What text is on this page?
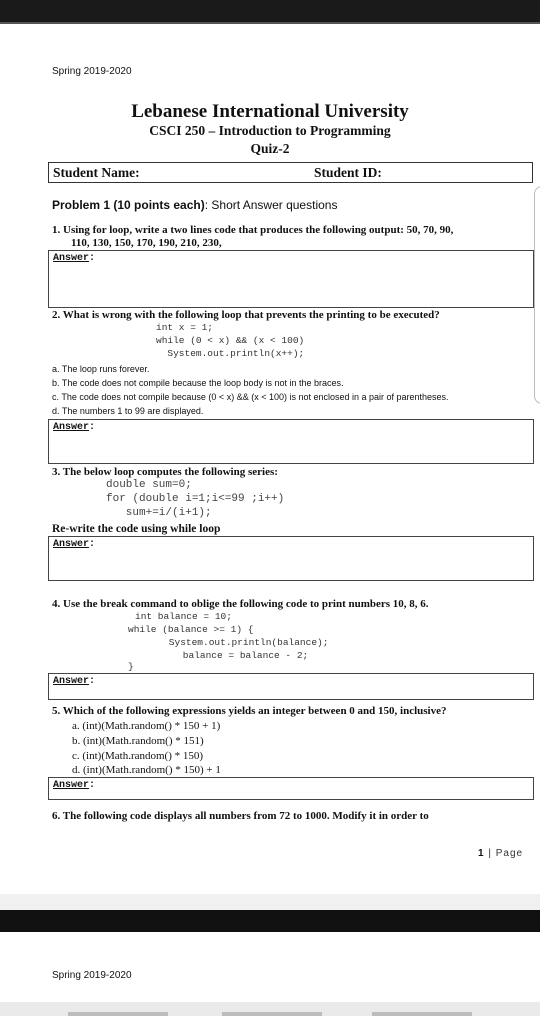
Spring 2019-2020
Lebanese International University
CSCI 250 – Introduction to Programming
Quiz-2
Student Name:	Student ID:
Problem 1 (10 points each): Short Answer questions
1. Using for loop, write a two lines code that produces the following output: 50, 70, 90,
110, 130, 150, 170, 190, 210, 230,
Answer:
2. What is wrong with the following loop that prevents the printing to be executed?
int x = 1;
while (0 < x) && (x < 100)
System.out.println(x++);
a. The loop runs forever.
b. The code does not compile because the loop body is not in the braces.
c. The code does not compile because (0 < x) && (x < 100) is not enclosed in a pair of parentheses.
d. The numbers 1 to 99 are displayed.
Answer:
3. The below loop computes the following series:
double sum=0;
for (double i=1;i<=99 ;i++)
sum+=i/(i+1);
Re-write the code using while loop
Answer:
4. Use the break command to oblige the following code to print numbers 10, 8, 6.
int balance = 10;
while (balance >= 1) {
System.out.println(balance);
balance = balance - 2;
}
Answer:
5. Which of the following expressions yields an integer between 0 and 150, inclusive?
a. (int)(Math.random() * 150 + 1)
b. (int)(Math.random() * 151)
c. (int)(Math.random() * 150)
d. (int)(Math.random() * 150) + 1
Answer:
6. The following code displays all numbers from 72 to 1000. Modify it in order to
1 | Page
Spring 2019-2020
